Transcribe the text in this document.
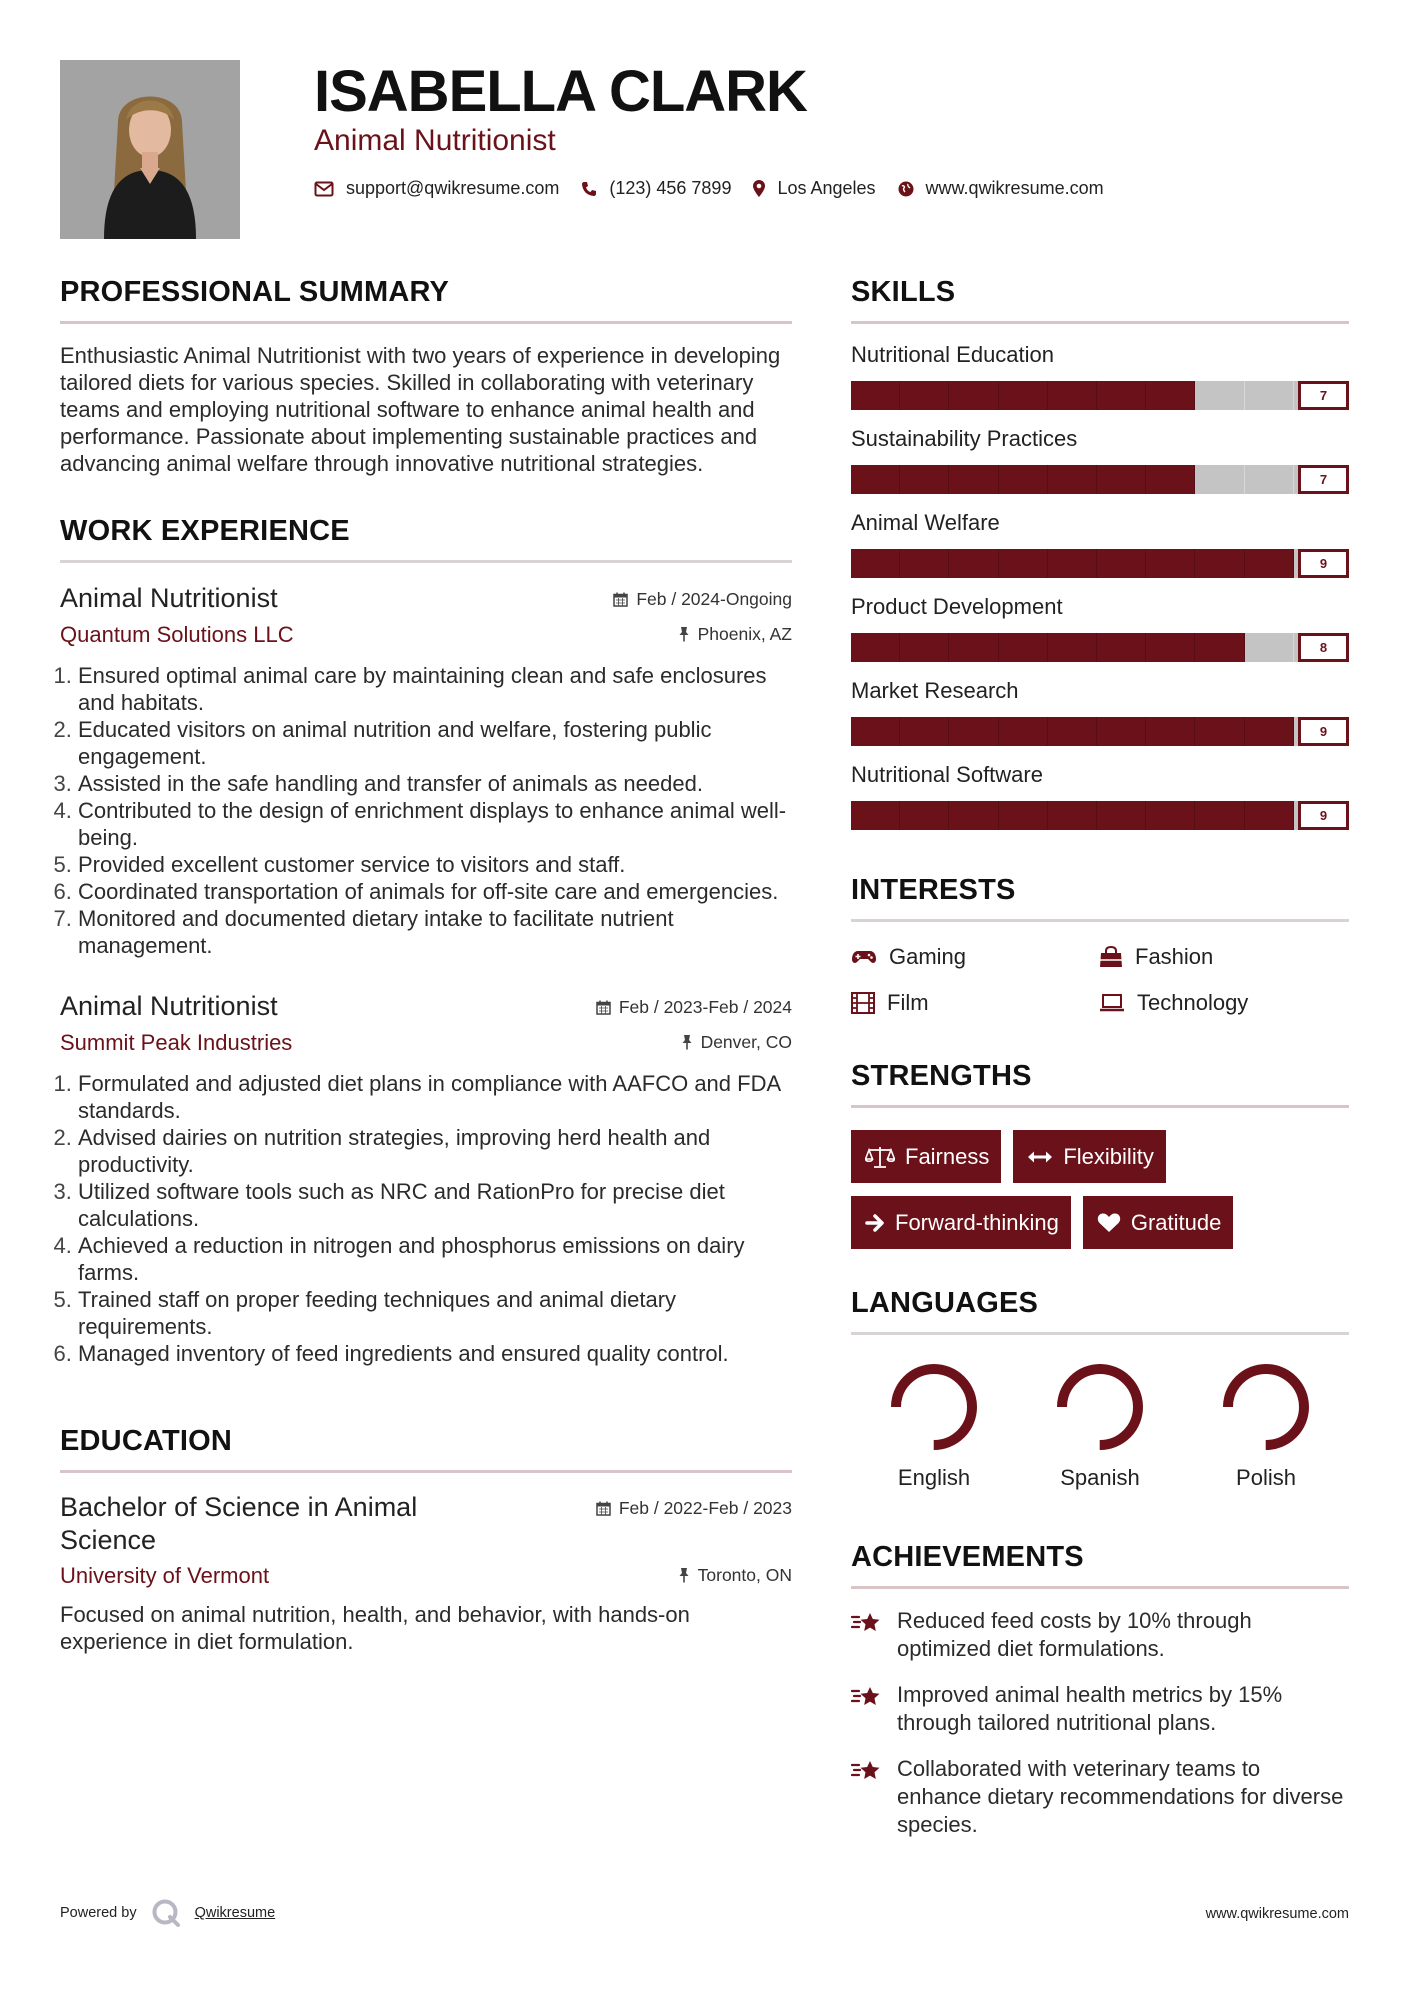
ISABELLA CLARK
Animal Nutritionist
support@qwikresume.com	(123) 456 7899	Los Angeles	www.qwikresume.com
PROFESSIONAL SUMMARY

Enthusiastic Animal Nutritionist with two years of experience in developing tailored diets for various species. Skilled in collaborating with veterinary teams and employing nutritional software to enhance animal health and performance. Passionate about implementing sustainable practices and advancing animal welfare through innovative nutritional strategies.

WORK EXPERIENCE
Animal Nutritionist	Feb / 2024-Ongoing
Quantum Solutions LLC	Phoenix, AZ
1. Ensured optimal animal care by maintaining clean and safe enclosures and habitats.
2. Educated visitors on animal nutrition and welfare, fostering public engagement.
3. Assisted in the safe handling and transfer of animals as needed.
4. Contributed to the design of enrichment displays to enhance animal well-being.
5. Provided excellent customer service to visitors and staff.
6. Coordinated transportation of animals for off-site care and emergencies.
7. Monitored and documented dietary intake to facilitate nutrient management.
Animal Nutritionist	Feb / 2023-Feb / 2024
Summit Peak Industries	Denver, CO
1. Formulated and adjusted diet plans in compliance with AAFCO and FDA standards.
2. Advised dairies on nutrition strategies, improving herd health and productivity.
3. Utilized software tools such as NRC and RationPro for precise diet calculations.
4. Achieved a reduction in nitrogen and phosphorus emissions on dairy farms.
5. Trained staff on proper feeding techniques and animal dietary requirements.
6. Managed inventory of feed ingredients and ensured quality control.
EDUCATION
Bachelor of Science in Animal Science
Feb / 2022-Feb / 2023
University of Vermont	Toronto, ON

Focused on animal nutrition, health, and behavior, with hands-on experience in diet formulation.

SKILLS
Nutritional Education
7
Sustainability Practices
7
Animal Welfare
9
Product Development
8
Market Research
9
Nutritional Software
9
INTERESTS
Gaming	Fashion
Film	Technology
STRENGTHS
Fairness	Flexibility
Forward-thinking	Gratitude
LANGUAGES
English	Spanish	Polish
ACHIEVEMENTS
Reduced feed costs by 10% through optimized diet formulations.
Improved animal health metrics by 15% through tailored nutritional plans.
Collaborated with veterinary teams to enhance dietary recommendations for diverse species.
Powered by	Qwikresume	www.qwikresume.com
